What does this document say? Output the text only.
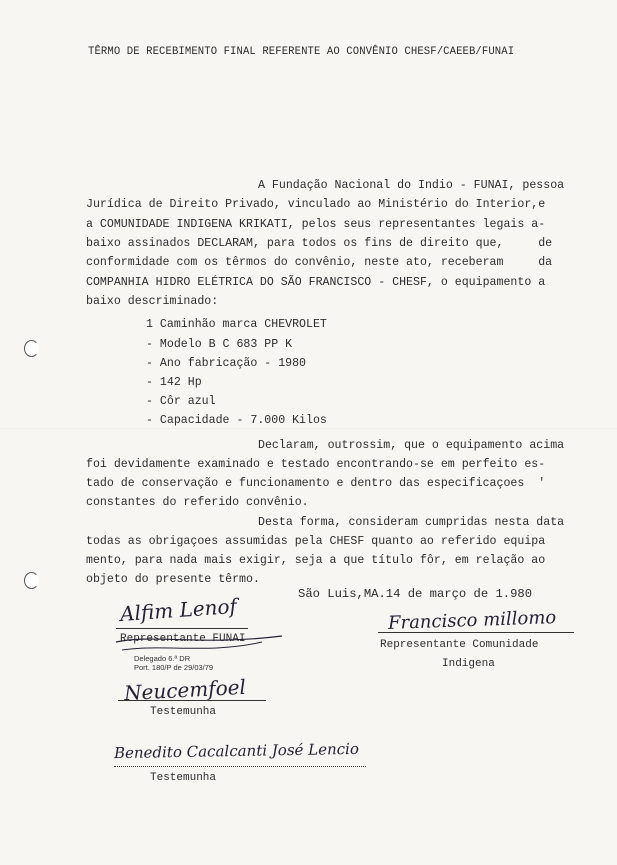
TÊRMO DE RECEBIMENTO FINAL REFERENTE AO CONVÊNIO CHESF/CAEEB/FUNAI
A Fundação Nacional do Indio - FUNAI, pessoa
Jurídica de Direito Privado, vinculado ao Ministério do Interior,e
a COMUNIDADE INDIGENA KRIKATI, pelos seus representantes legais a-
baixo assinados DECLARAM, para todos os fins de direito que,     de
conformidade com os têrmos do convênio, neste ato, receberam     da
COMPANHIA HIDRO ELÉTRICA DO SÃO FRANCISCO - CHESF, o equipamento a
baixo descriminado:
1 Caminhão marca CHEVROLET
- Modelo B C 683 PP K
- Ano fabricação - 1980
- 142 Hp
- Côr azul
- Capacidade - 7.000 Kilos
Declaram, outrossim, que o equipamento acima
foi devidamente examinado e testado encontrando-se em perfeito es-
tado de conservação e funcionamento e dentro das especificaçoes  '
constantes do referido convênio.
Desta forma, consideram cumpridas nesta data
todas as obrigaçoes assumidas pela CHESF quanto ao referido equipa
mento, para nada mais exigir, seja a que título fôr, em relação ao
objeto do presente têrmo.
São Luis,MA.14 de março de 1.980
Alfim Lenof
Representante FUNAI
Delegado 6.ª DR
Port. 180/P de 29/03/79
Francisco millomo
Representante Comunidade
Indigena
Neucemfoel
Testemunha
Benedito Cacalcanti José Lencio
Testemunha
